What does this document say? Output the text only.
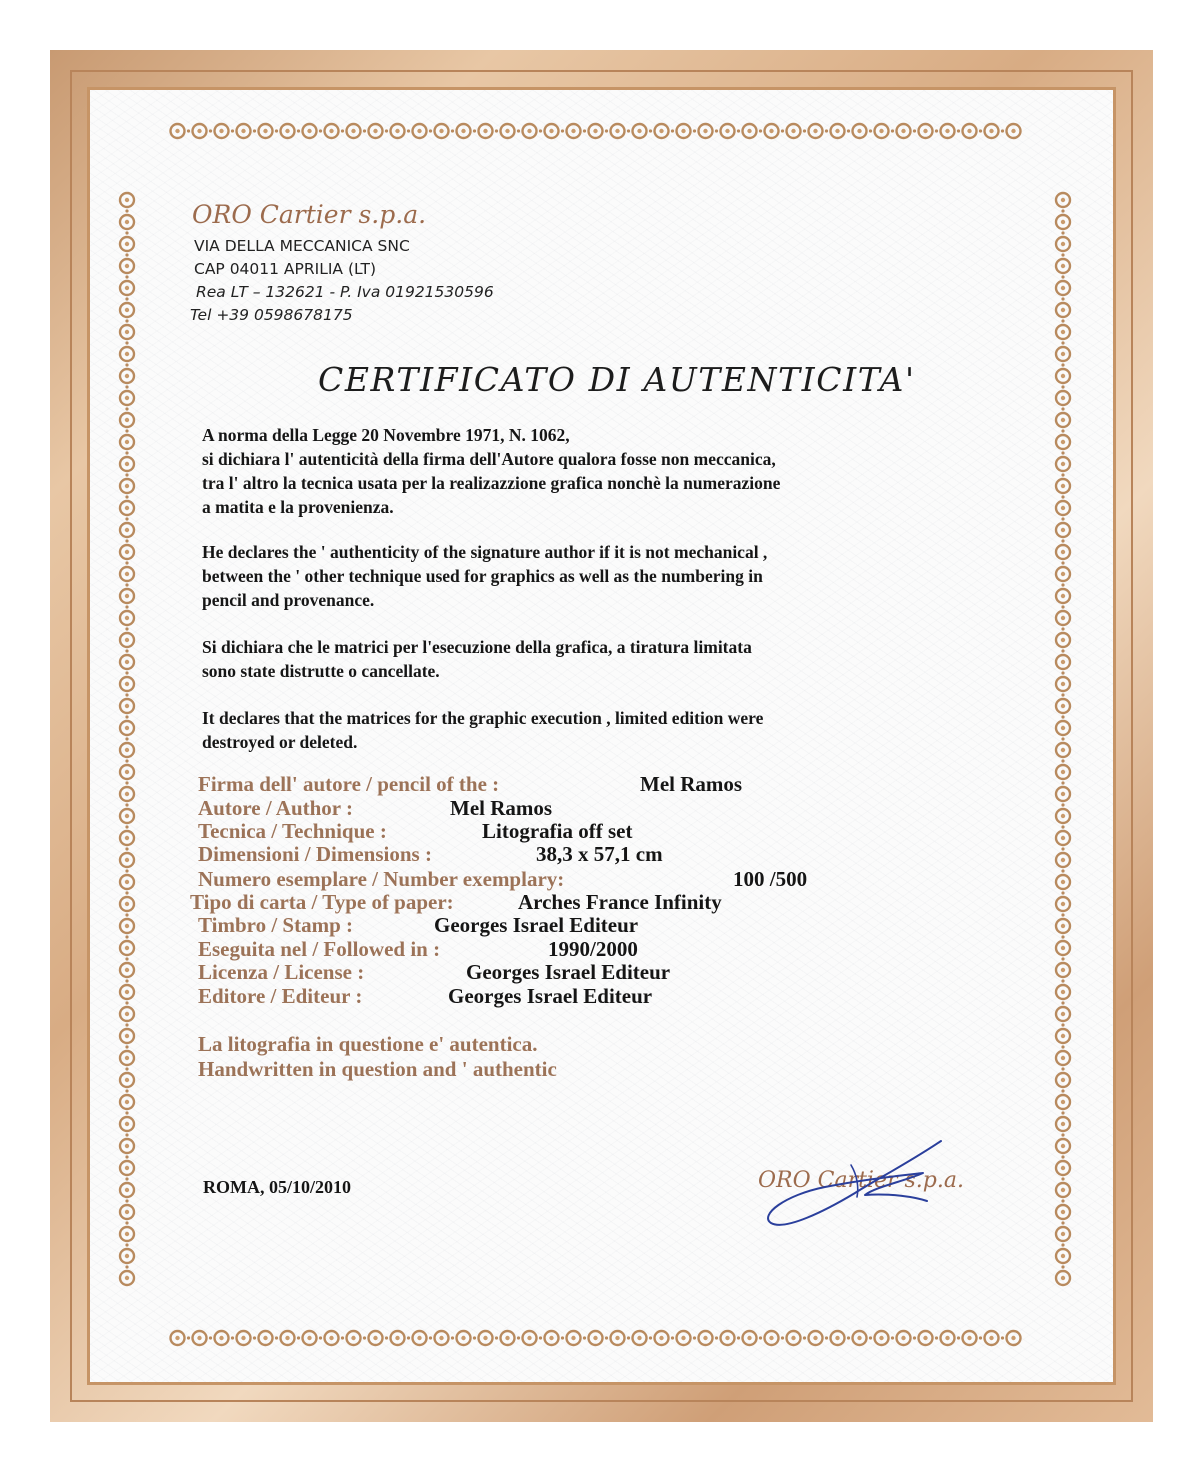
ORO Cartier s.p.a.
VIA DELLA MECCANICA SNC
CAP 04011 APRILIA (LT)
Rea LT – 132621 - P. Iva 01921530596
Tel +39 0598678175
CERTIFICATO DI AUTENTICITA'
A norma della Legge 20 Novembre 1971, N. 1062,
si dichiara l' autenticità della firma dell'Autore qualora fosse non meccanica,
tra l' altro la tecnica usata per la realizazzione grafica nonchè la numerazione
a matita e la provenienza.
He declares the ' authenticity of the signature author if it is not mechanical ,
between the ' other technique used for graphics as well as the numbering in
pencil and provenance.
Si dichiara che le matrici per l'esecuzione della grafica, a tiratura limitata
sono state distrutte o cancellate.
It declares that the matrices for the graphic execution , limited edition were
destroyed or deleted.
Firma dell' autore / pencil of the :	Mel Ramos
Autore / Author :	Mel Ramos
Tecnica / Technique :	Litografia off set
Dimensioni / Dimensions :	38,3 x 57,1 cm
Numero esemplare / Number exemplary:	100 /500
Tipo di carta / Type of paper:	Arches France Infinity
Timbro / Stamp :	Georges Israel Editeur
Eseguita nel / Followed in :	1990/2000
Licenza / License :	Georges Israel Editeur
Editore / Editeur :	Georges Israel Editeur
La litografia in questione e' autentica.
Handwritten in question and ' authentic
ROMA, 05/10/2010	ORO Cartier s.p.a.
